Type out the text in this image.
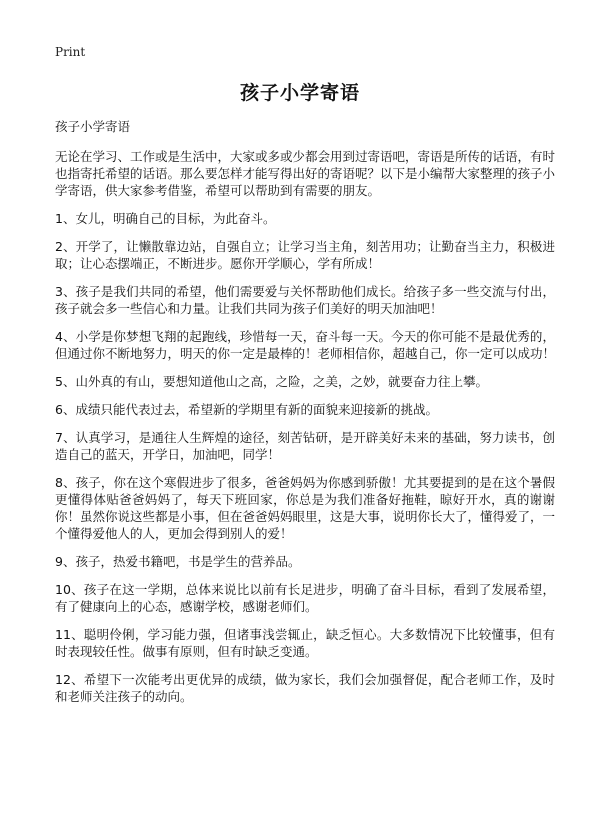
Print
孩子小学寄语

孩子小学寄语

无论在学习、工作或是生活中，大家或多或少都会用到过寄语吧，寄语是所传的话语，有时也指寄托希望的话语。那么要怎样才能写得出好的寄语呢？以下是小编帮大家整理的孩子小学寄语，供大家参考借鉴，希望可以帮助到有需要的朋友。

1、女儿，明确自己的目标，为此奋斗。

2、开学了，让懒散靠边站，自强自立；让学习当主角，刻苦用功；让勤奋当主力，积极进取；让心态摆端正，不断进步。愿你开学顺心，学有所成！

3、孩子是我们共同的希望，他们需要爱与关怀帮助他们成长。给孩子多一些交流与付出，孩子就会多一些信心和力量。让我们共同为孩子们美好的明天加油吧！

4、小学是你梦想飞翔的起跑线，珍惜每一天，奋斗每一天。今天的你可能不是最优秀的，但通过你不断地努力，明天的你一定是最棒的！老师相信你，超越自己，你一定可以成功！

5、山外真的有山，要想知道他山之高，之险，之美，之妙，就要奋力往上攀。

6、成绩只能代表过去，希望新的学期里有新的面貌来迎接新的挑战。

7、认真学习，是通往人生辉煌的途径，刻苦钻研，是开辟美好未来的基础，努力读书，创造自己的蓝天，开学日，加油吧，同学！

8、孩子，你在这个寒假进步了很多，爸爸妈妈为你感到骄傲！尤其要提到的是在这个暑假更懂得体贴爸爸妈妈了，每天下班回家，你总是为我们准备好拖鞋，晾好开水，真的谢谢你！虽然你说这些都是小事，但在爸爸妈妈眼里，这是大事，说明你长大了，懂得爱了，一个懂得爱他人的人，更加会得到别人的爱！

9、孩子，热爱书籍吧，书是学生的营养品。

10、孩子在这一学期，总体来说比以前有长足进步，明确了奋斗目标，看到了发展希望，有了健康向上的心态，感谢学校，感谢老师们。

11、聪明伶俐，学习能力强，但诸事浅尝辄止，缺乏恒心。大多数情况下比较懂事，但有时表现较任性。做事有原则，但有时缺乏变通。

12、希望下一次能考出更优异的成绩，做为家长，我们会加强督促，配合老师工作，及时和老师关注孩子的动向。
